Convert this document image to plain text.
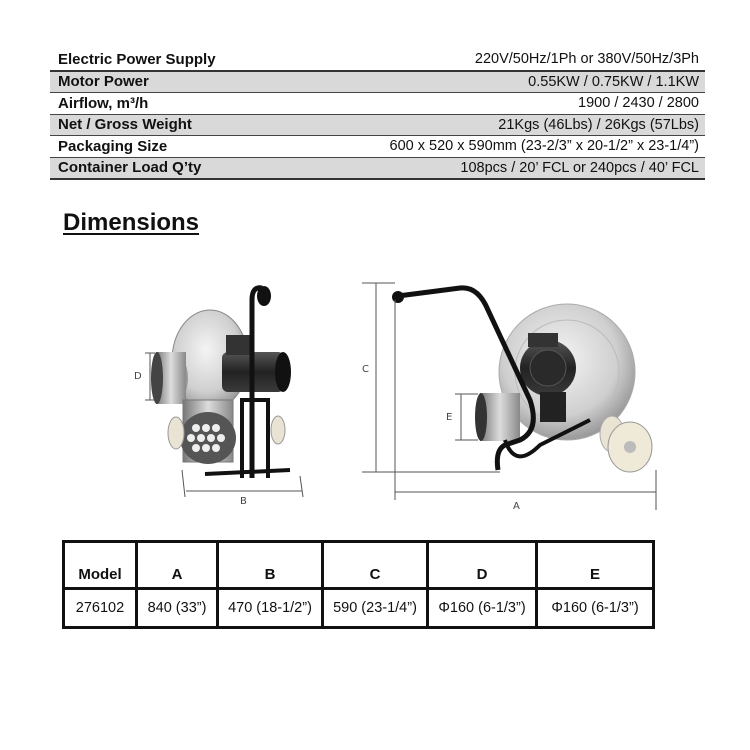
Electric Power Supply	220V/50Hz/1Ph or 380V/50Hz/3Ph
Motor Power	0.55KW / 0.75KW / 1.1KW
Airflow, m³/h	1900 / 2430 / 2800
Net / Gross Weight	21Kgs (46Lbs) / 26Kgs (57Lbs)
Packaging Size	600 x 520 x 590mm (23-2/3” x 20-1/2” x 23-1/4”)
Container Load Q’ty	108pcs / 20’ FCL or 240pcs / 40’ FCL
Dimensions
D
B
C
E
A
Model	A	B	C	D	E
276102	840 (33”)	470 (18-1/2”)	590 (23-1/4”)	Φ160 (6-1/3”)	Φ160 (6-1/3”)
